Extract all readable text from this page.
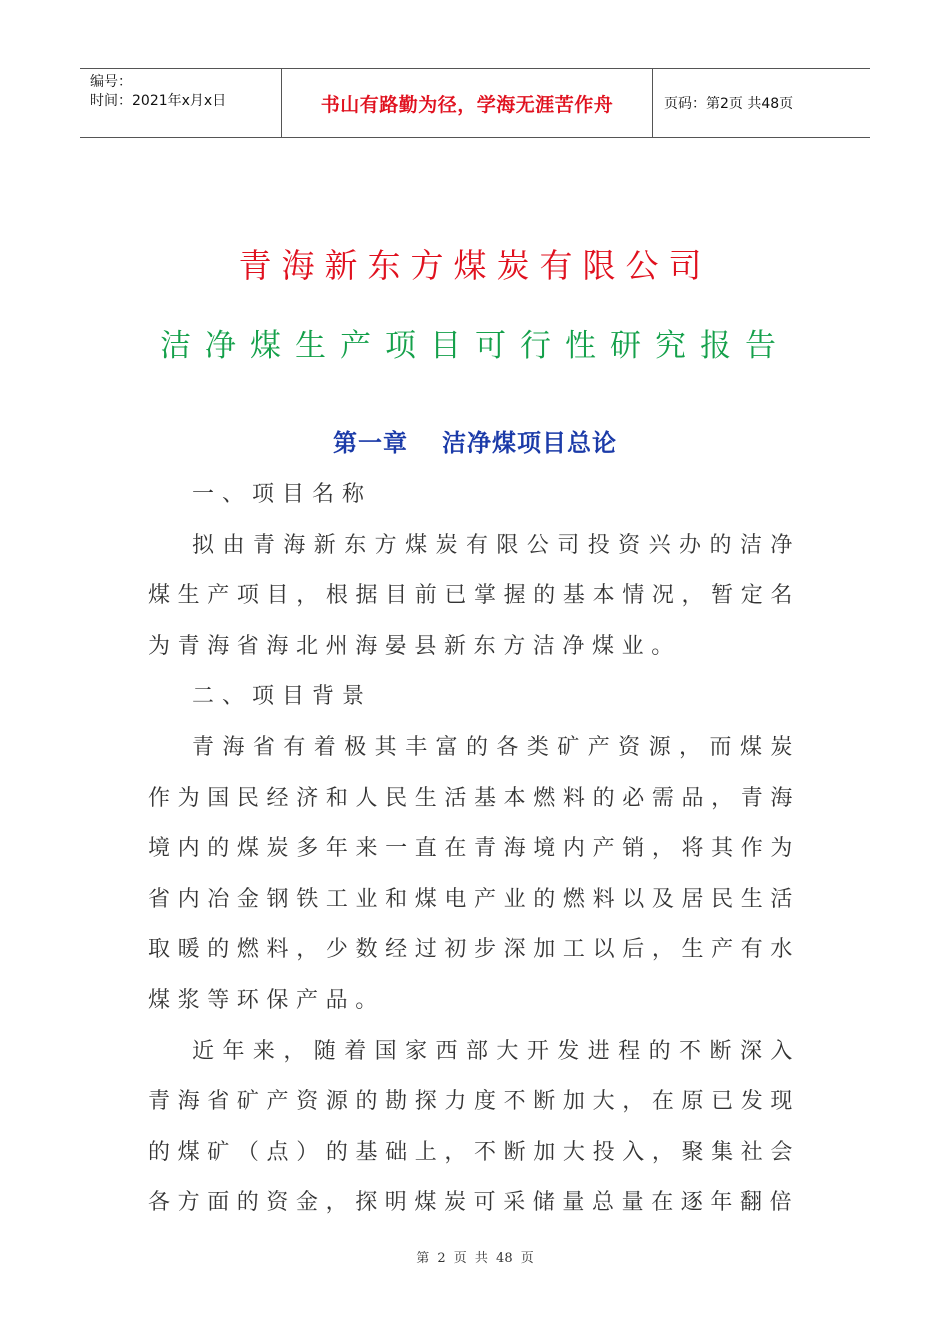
编号：
时间：2021年x月x日	书山有路勤为径，学海无涯苦作舟	页码：第2页 共48页
青海新东方煤炭有限公司
洁净煤生产项目可行性研究报告
第一章 洁净煤项目总论

一、项目名称

拟由青海新东方煤炭有限公司投资兴办的洁净煤生产项目，根据目前已掌握的基本情况，暂定名为青海省海北州海晏县新东方洁净煤业。

二、项目背景

青海省有着极其丰富的各类矿产资源，而煤炭作为国民经济和人民生活基本燃料的必需品，青海境内的煤炭多年来一直在青海境内产销，将其作为省内冶金钢铁工业和煤电产业的燃料以及居民生活取暖的燃料，少数经过初步深加工以后，生产有水煤浆等环保产品。

近年来，随着国家西部大开发进程的不断深入青海省矿产资源的勘探力度不断加大，在原已发现的煤矿（点）的基础上，不断加大投入，聚集社会各方面的资金，探明煤炭可采储量总量在逐年翻倍

第 2 页 共 48 页
